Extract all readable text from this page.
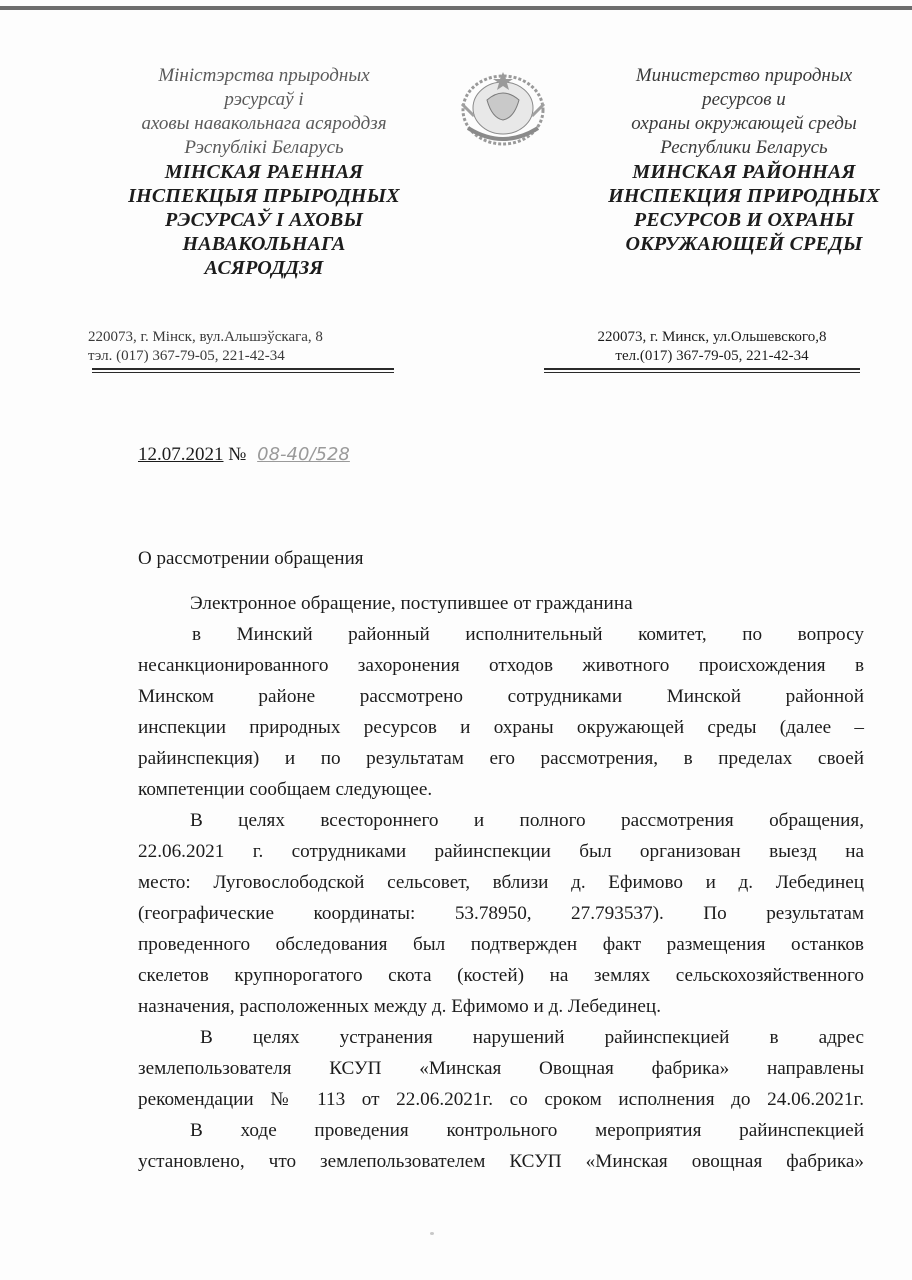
Міністэрства прыродных
рэсурсаў і
аховы навакольнага асяроддзя
Рэспублікі Беларусь
МІНСКАЯ РАЕННАЯ
ІНСПЕКЦЫЯ ПРЫРОДНЫХ
РЭСУРСАЎ І АХОВЫ
НАВАКОЛЬНАГА
АСЯРОДДЗЯ
Министерство природных
ресурсов и
охраны окружающей среды
Республики Беларусь
МИНСКАЯ РАЙОННАЯ
ИНСПЕКЦИЯ ПРИРОДНЫХ
РЕСУРСОВ И ОХРАНЫ
ОКРУЖАЮЩЕЙ СРЕДЫ
220073, г. Мінск, вул.Альшэўскага, 8
тэл. (017) 367-79-05, 221-42-34
220073, г. Минск, ул.Ольшевского,8
тел.(017) 367-79-05, 221-42-34
12.07.2021 № 08-40/528
О рассмотрении обращения
Электронное обращение, поступившее от гражданина
в Минский районный исполнительный комитет, по вопросу
несанкционированного захоронения отходов животного происхождения в
Минском районе рассмотрено сотрудниками Минской районной
инспекции природных ресурсов и охраны окружающей среды (далее –
райинспекция) и по результатам его рассмотрения, в пределах своей
компетенции сообщаем следующее.
В целях всестороннего и полного рассмотрения обращения,
22.06.2021 г. сотрудниками райинспекции был организован выезд на
место: Луговослободской сельсовет, вблизи д. Ефимово и д. Лебединец
(географические координаты: 53.78950, 27.793537). По результатам
проведенного обследования был подтвержден факт размещения останков
скелетов крупнорогатого скота (костей) на землях сельскохозяйственного
назначения, расположенных между д. Ефимомо и д. Лебединец.
В целях устранения нарушений райинспекцией в адрес
землепользователя КСУП «Минская Овощная фабрика» направлены
рекомендации № 113 от 22.06.2021г. со сроком исполнения до 24.06.2021г.
В ходе проведения контрольного мероприятия райинспекцией
установлено, что землепользователем КСУП «Минская овощная фабрика»
